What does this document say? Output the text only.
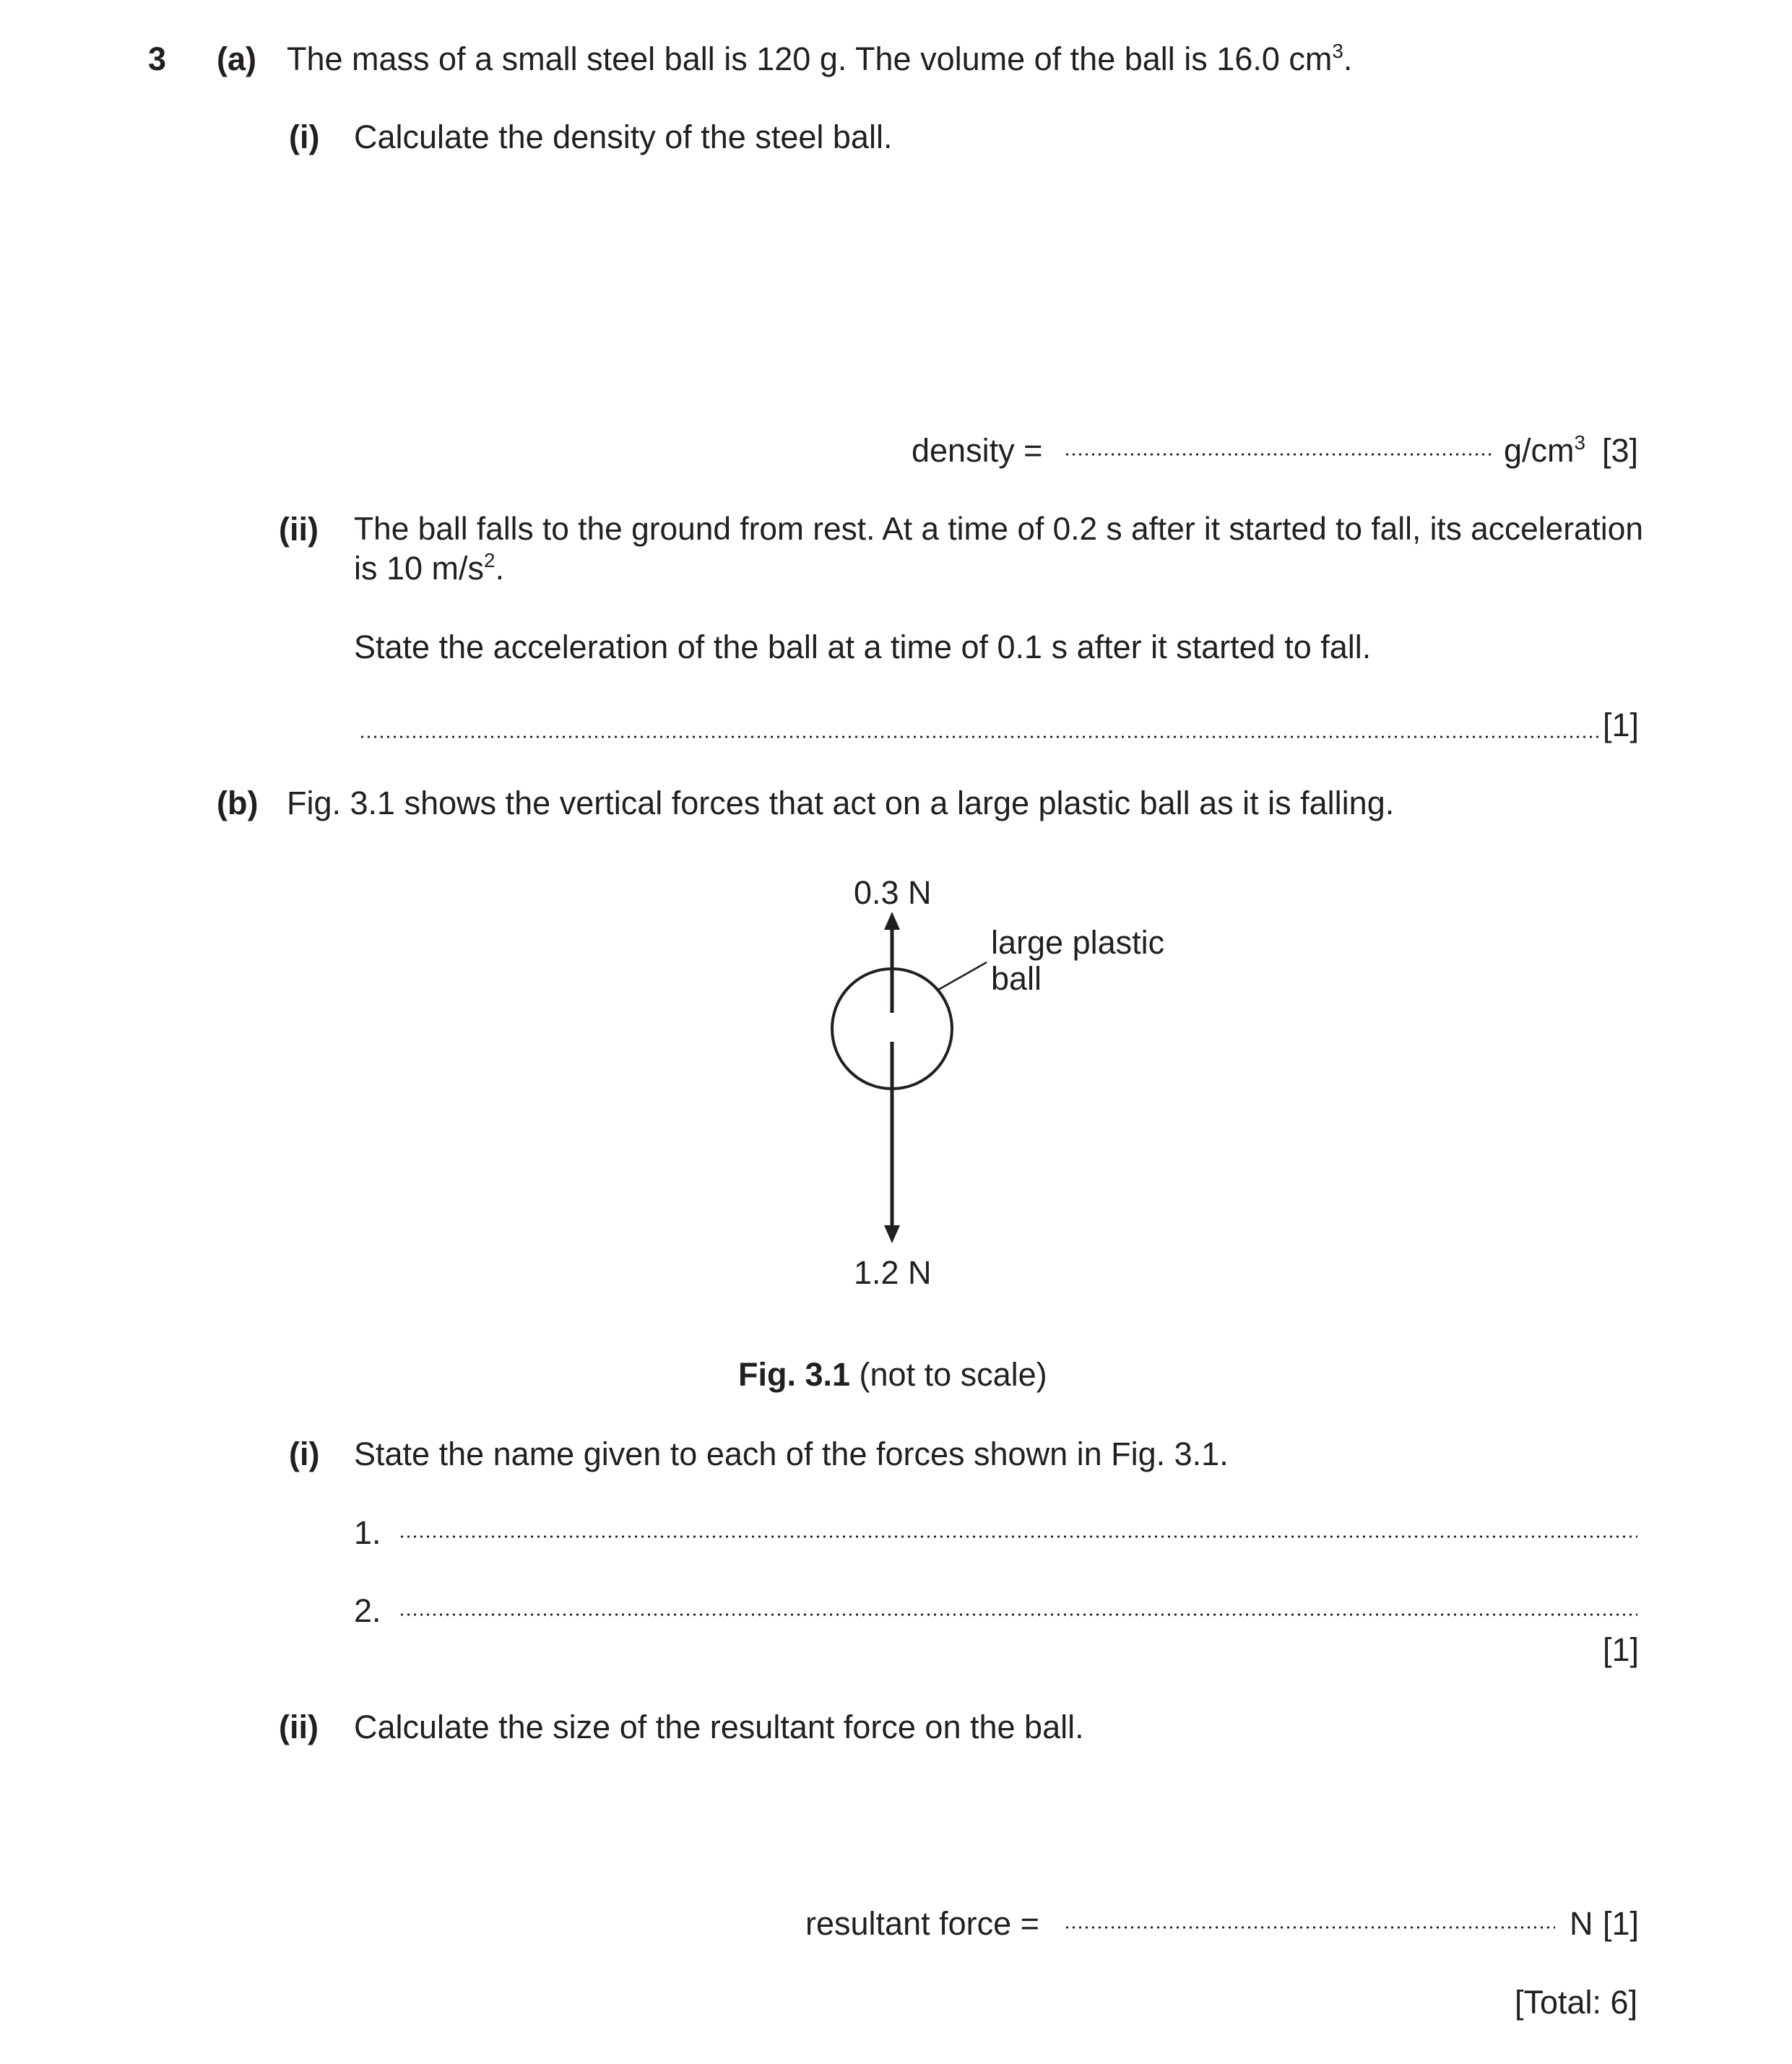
3 (a) The mass of a small steel ball is 120 g. The volume of the ball is 16.0 $cm^3$.
(i) Calculate the density of the steel ball.
density =	$g/cm^3$ [3]
(ii) The ball falls to the ground from rest. At a time of 0.2 s after it started to fall, its acceleration
is 10 $m/s^2$.
State the acceleration of the ball at a time of 0.1 s after it started to fall.
[1]
(b) Fig. 3.1 shows the vertical forces that act on a large plastic ball as it is falling.
0.3 N
1.2 N
large plastic
ball
Fig. 3.1 (not to scale)
(i) State the name given to each of the forces shown in Fig. 3.1.
1.
2.
[1]
(ii) Calculate the size of the resultant force on the ball.
resultant force =	N [1]
[Total: 6]
